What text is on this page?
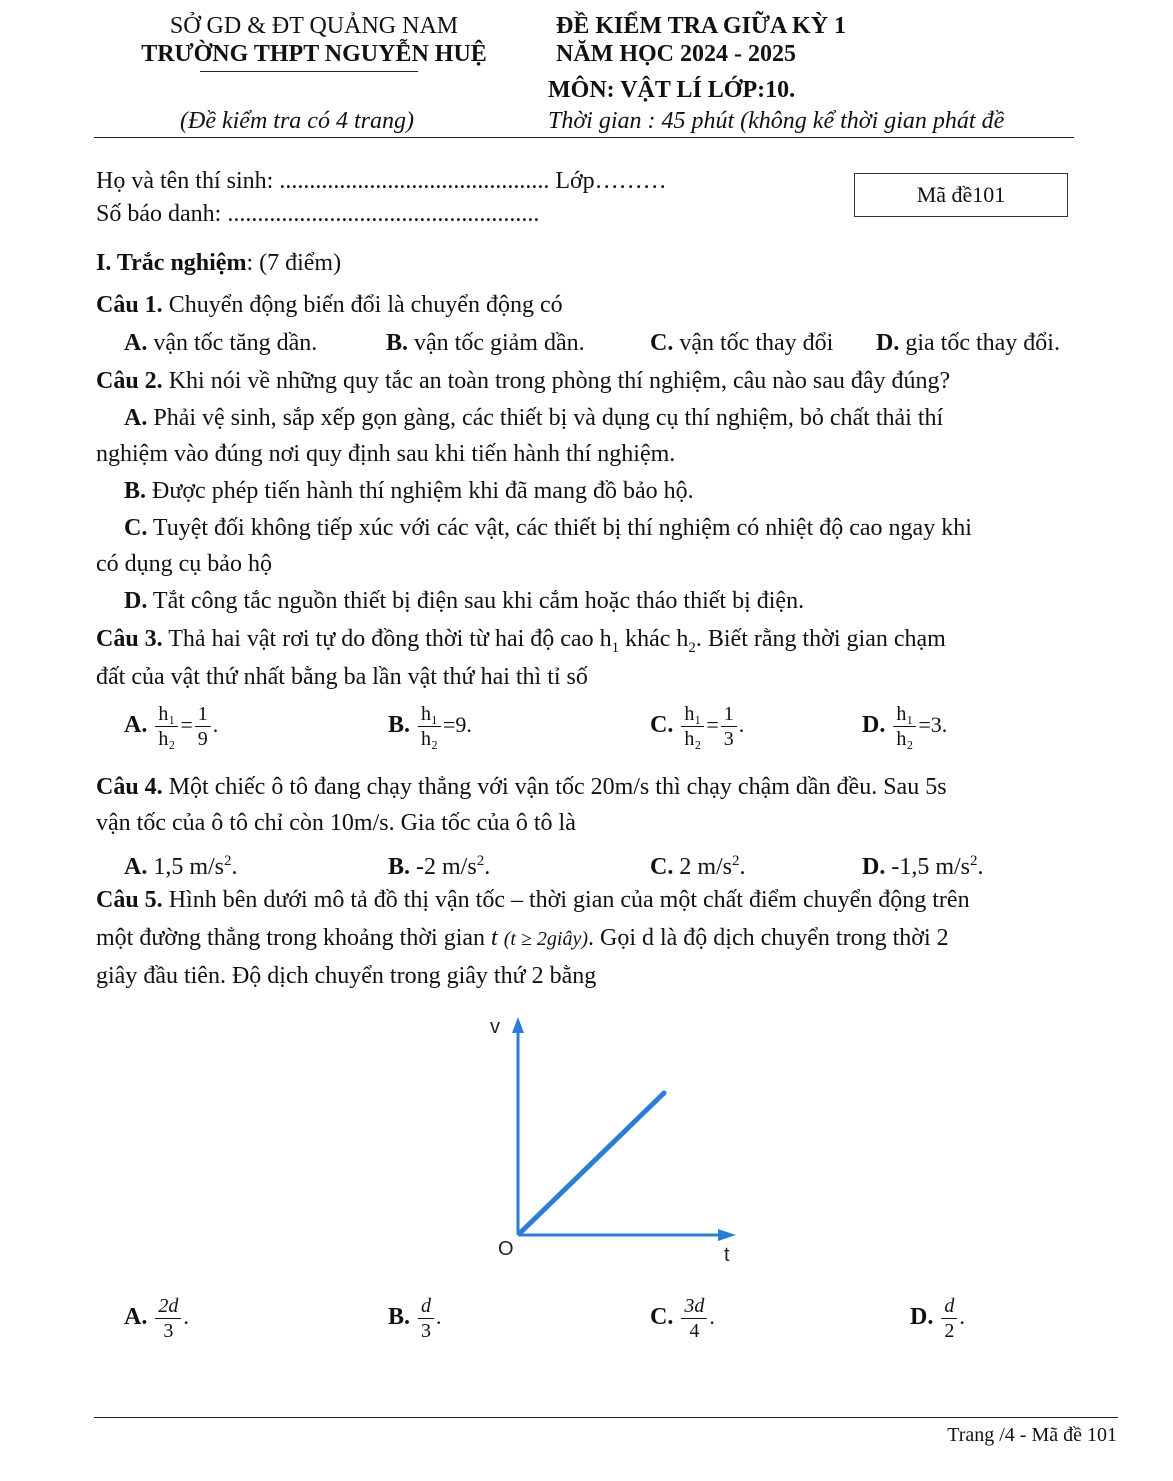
SỞ GD & ĐT QUẢNG NAM
TRƯỜNG THPT NGUYỄN HUỆ
ĐỀ KIỂM TRA GIỮA KỲ 1
NĂM HỌC 2024 - 2025
MÔN: VẬT LÍ LỚP:10.
(Đề kiểm tra có 4 trang)	Thời gian : 45 phút (không kể thời gian phát đề
Họ và tên thí sinh: ............................................. Lớp………
Số báo danh: ....................................................
Mã đề101
I. Trắc nghiệm: (7 điểm)
Câu 1. Chuyển động biến đổi là chuyển động có
A. vận tốc tăng dần.	B. vận tốc giảm dần.	C. vận tốc thay đổi D. gia tốc thay đổi.
Câu 2. Khi nói về những quy tắc an toàn trong phòng thí nghiệm, câu nào sau đây đúng?
A. Phải vệ sinh, sắp xếp gọn gàng, các thiết bị và dụng cụ thí nghiệm, bỏ chất thải thí
nghiệm vào đúng nơi quy định sau khi tiến hành thí nghiệm.
B. Được phép tiến hành thí nghiệm khi đã mang đồ bảo hộ.
C. Tuyệt đối không tiếp xúc với các vật, các thiết bị thí nghiệm có nhiệt độ cao ngay khi
có dụng cụ bảo hộ
D. Tắt công tắc nguồn thiết bị điện sau khi cắm hoặc tháo thiết bị điện.
Câu 3. Thả hai vật rơi tự do đồng thời từ hai độ cao $h_1$ khác $h_2$. Biết rằng thời gian chạm
đất của vật thứ nhất bằng ba lần vật thứ hai thì tỉ số
A. $\frac{\text{h₁}}{\text{h₂}} = \frac{1}{9}$ .	B. $\frac{\text{h₁}}{\text{h₂}} =9$.	C. $\frac{\text{h₁}}{\text{h₂}} = \frac{1}{3}$ .	D. $\frac{\text{h₁}}{\text{h₂}} =3$.
Câu 4. Một chiếc ô tô đang chạy thẳng với vận tốc 20m/s thì chạy chậm dần đều. Sau 5s
vận tốc của ô tô chỉ còn 10m/s. Gia tốc của ô tô là
A. 1,5 $m/s^2$.	B. -2 $m/s^2$.	C. 2 $m/s^2$.	D. -1,5 $m/s^2$.
Câu 5. Hình bên dưới mô tả đồ thị vận tốc – thời gian của một chất điểm chuyển động trên
một đường thẳng trong khoảng thời gian t (t ≥ 2giây). Gọi d là độ dịch chuyển trong thời 2
giây đầu tiên. Độ dịch chuyển trong giây thứ 2 bằng
v
O	t
A. $\frac{2d}{3}$ .	B. $\frac{d}{3}$ .	C. $\frac{3d}{4}$ .	D. $\frac{d}{2}$ .
Trang /4 - Mã đề 101
